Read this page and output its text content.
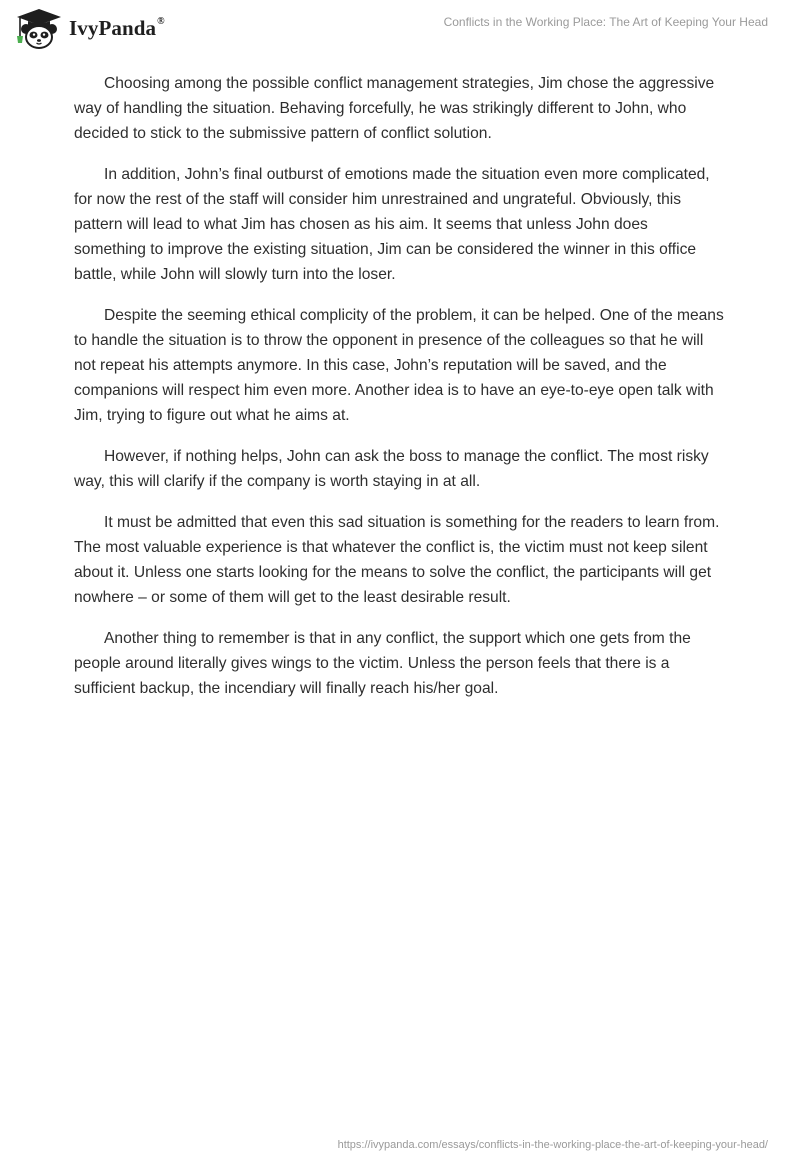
IvyPanda®	Conflicts in the Working Place: The Art of Keeping Your Head

Choosing among the possible conflict management strategies, Jim chose the aggressive way of handling the situation. Behaving forcefully, he was strikingly different to John, who decided to stick to the submissive pattern of conflict solution.

In addition, John’s final outburst of emotions made the situation even more complicated, for now the rest of the staff will consider him unrestrained and ungrateful. Obviously, this pattern will lead to what Jim has chosen as his aim. It seems that unless John does something to improve the existing situation, Jim can be considered the winner in this office battle, while John will slowly turn into the loser.

Despite the seeming ethical complicity of the problem, it can be helped. One of the means to handle the situation is to throw the opponent in presence of the colleagues so that he will not repeat his attempts anymore. In this case, John’s reputation will be saved, and the companions will respect him even more. Another idea is to have an eye-to-eye open talk with Jim, trying to figure out what he aims at.

However, if nothing helps, John can ask the boss to manage the conflict. The most risky way, this will clarify if the company is worth staying in at all.

It must be admitted that even this sad situation is something for the readers to learn from. The most valuable experience is that whatever the conflict is, the victim must not keep silent about it. Unless one starts looking for the means to solve the conflict, the participants will get nowhere – or some of them will get to the least desirable result.

Another thing to remember is that in any conflict, the support which one gets from the people around literally gives wings to the victim. Unless the person feels that there is a sufficient backup, the incendiary will finally reach his/her goal.

https://ivypanda.com/essays/conflicts-in-the-working-place-the-art-of-keeping-your-head/
